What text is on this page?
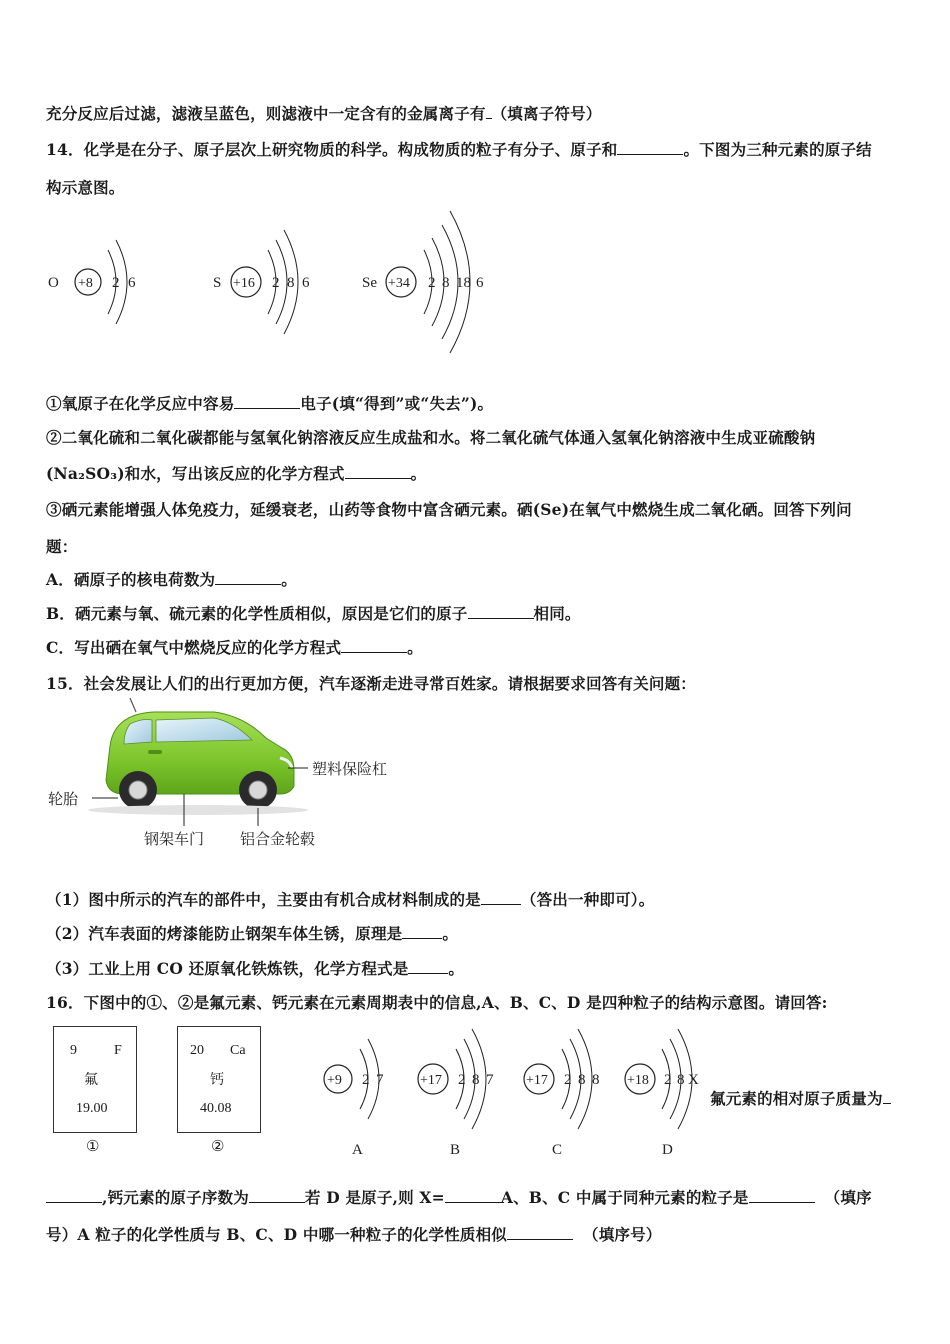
充分反应后过滤，滤液呈蓝色，则滤液中一定含有的金属离子有 （填离子符号）
14．化学是在分子、原子层次上研究物质的科学。构成物质的粒子有分子、原子和	。下图为三种元素的原子结
构示意图。
O +8 2 6	S +16 2 8 6	Se +34 2 8 18 6
①氧原子在化学反应中容易	电子(填“得到”或“失去”)。
②二氧化硫和二氧化碳都能与氢氧化钠溶液反应生成盐和水。将二氧化硫气体通入氢氧化钠溶液中生成亚硫酸钠
(Na₂SO₃)和水，写出该反应的化学方程式	。
③硒元素能增强人体免疫力，延缓衰老，山药等食物中富含硒元素。硒(Se)在氧气中燃烧生成二氧化硒。回答下列问
题：
A．硒原子的核电荷数为	。
B．硒元素与氧、硫元素的化学性质相似，原因是它们的原子	相同。
C．写出硒在氧气中燃烧反应的化学方程式	。
15．社会发展让人们的出行更加方便，汽车逐渐走进寻常百姓家。请根据要求回答有关问题：
塑料保险杠
轮胎
钢架车门 铝合金轮毂
（1）图中所示的汽车的部件中，主要由有机合成材料制成的是	（答出一种即可）。
（2）汽车表面的烤漆能防止钢架车体生锈，原理是	。
（3）工业上用 CO 还原氧化铁炼铁，化学方程式是	。
16．下图中的①、②是氟元素、钙元素在元素周期表中的信息,A、B、C、D 是四种粒子的结构示意图。请回答:
9	F
氟
19.00
①
20 Ca
钙
40.08
②
+9 2 7
A
+17 2 8 7
B
+17 2 8 8
C
+18 2 8 X
D
氟元素的相对原子质量为
,钙元素的原子序数为	若 D 是原子,则 X=	A、B、C 中属于同种元素的粒子是	（填序
号）A 粒子的化学性质与 B、C、D 中哪一种粒子的化学性质相似	（填序号）
